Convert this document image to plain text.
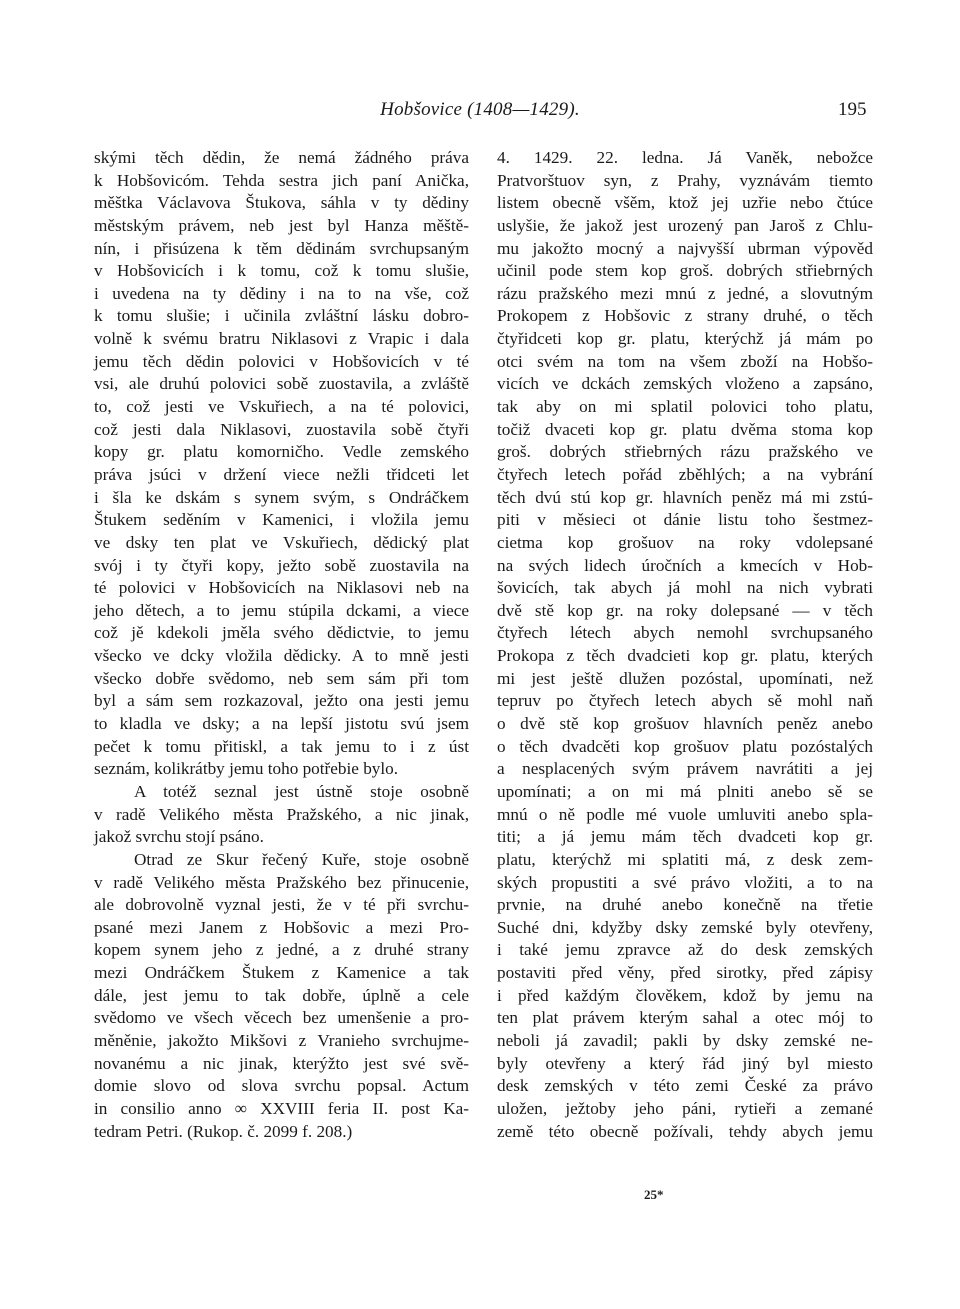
Hobšovice (1408—1429).	195
skými těch dědin, že nemá žádného práva
k Hobšovicóm. Tehda sestra jich paní Anička,
měštka Václavova Štukova, sáhla v ty dědiny
městským právem, neb jest byl Hanza měště-
nín, i přisúzena k těm dědinám svrchupsaným
v Hobšovicích i k tomu, což k tomu slušie,
i uvedena na ty dědiny i na to na vše, což
k tomu slušie; i učinila zvláštní lásku dobro-
volně k svému bratru Niklasovi z Vrapic i dala
jemu těch dědin polovici v Hobšovicích v té
vsi, ale druhú polovici sobě zuostavila, a zvláště
to, což jesti ve Vskuřiech, a na té polovici,
což jesti dala Niklasovi, zuostavila sobě čtyři
kopy gr. platu komorničho. Vedle zemského
práva jsúci v držení viece nežli třidceti let
i šla ke dskám s synem svým, s Ondráčkem
Štukem seděním v Kamenici, i vložila jemu
ve dsky ten plat ve Vskuřiech, dědický plat
svój i ty čtyři kopy, ježto sobě zuostavila na
té polovici v Hobšovicích na Niklasovi neb na
jeho dětech, a to jemu stúpila dckami, a viece
což jě kdekoli jměla svého dědictvie, to jemu
všecko ve dcky vložila dědicky. A to mně jesti
všecko dobře svědomo, neb sem sám při tom
byl a sám sem rozkazoval, ježto ona jesti jemu
to kladla ve dsky; a na lepší jistotu svú jsem
pečet k tomu přitiskl, a tak jemu to i z úst
seznám, kolikrátby jemu toho potřebie bylo.
A totéž seznal jest ústně stoje osobně
v radě Velikého města Pražského, a nic jinak,
jakož svrchu stojí psáno.
Otrad ze Skur řečený Kuře, stoje osobně
v radě Velikého města Pražského bez přinucenie,
ale dobrovolně vyznal jesti, že v té při svrchu-
psané mezi Janem z Hobšovic a mezi Pro-
kopem synem jeho z jedné, a z druhé strany
mezi Ondráčkem Štukem z Kamenice a tak
dále, jest jemu to tak dobře, úplně a cele
svědomo ve všech věcech bez umenšenie a pro-
měněnie, jakožto Mikšovi z Vranieho svrchujme-
novanému a nic jinak, kterýžto jest své svě-
domie slovo od slova svrchu popsal. Actum
in consilio anno ∞ XXVIII feria II. post Ka-
tedram Petri. (Rukop. č. 2099 f. 208.)
4. 1429. 22. ledna. Já Vaněk, nebožce
Pratvorštuov syn, z Prahy, vyznávám tiemto
listem obecně všěm, ktož jej uzřie nebo čtúce
uslyšie, že jakož jest urozený pan Jaroš z Chlu-
mu jakožto mocný a najvyšší ubrman výpověd
učinil pode stem kop groš. dobrých střiebrných
rázu pražského mezi mnú z jedné, a slovutným
Prokopem z Hobšovic z strany druhé, o těch
čtyřidceti kop gr. platu, kterýchž já mám po
otci svém na tom na všem zboží na Hobšo-
vicích ve dckách zemských vloženo a zapsáno,
tak aby on mi splatil polovici toho platu,
točiž dvaceti kop gr. platu dvěma stoma kop
groš. dobrých střiebrných rázu pražského ve
čtyřech letech pořád zběhlých; a na vybrání
těch dvú stú kop gr. hlavních peněz má mi zstú-
piti v měsieci ot dánie listu toho šestmez-
cietma kop grošuov na roky vdolepsané
na svých lidech úročních a kmecích v Hob-
šovicích, tak abych já mohl na nich vybrati
dvě stě kop gr. na roky dolepsané — v těch
čtyřech létech abych nemohl svrchupsaného
Prokopa z těch dvadcieti kop gr. platu, kterých
mi jest ještě dlužen pozóstal, upomínati, než
tepruv po čtyřech letech abych sě mohl naň
o dvě stě kop grošuov hlavních peněz anebo
o těch dvadcěti kop grošuov platu pozóstalých
a nesplacených svým právem navrátiti a jej
upomínati; a on mi má plniti anebo sě se
mnú o ně podle mé vuole umluviti anebo spla-
titi; a já jemu mám těch dvadceti kop gr.
platu, kterýchž mi splatiti má, z desk zem-
ských propustiti a své právo vložiti, a to na
prvnie, na druhé anebo konečně na třetie
Suché dni, kdyžby dsky zemské byly otevřeny,
i také jemu zpravce až do desk zemských
postaviti před věny, před sirotky, před zápisy
i před každým člověkem, kdož by jemu na
ten plat právem kterým sahal a otec mój to
neboli já zavadil; pakli by dsky zemské ne-
byly otevřeny a který řád jiný byl miesto
desk zemských v této zemi České za právo
uložen, ježtoby jeho páni, rytieři a zemané
země této obecně požívali, tehdy abych jemu
25*
